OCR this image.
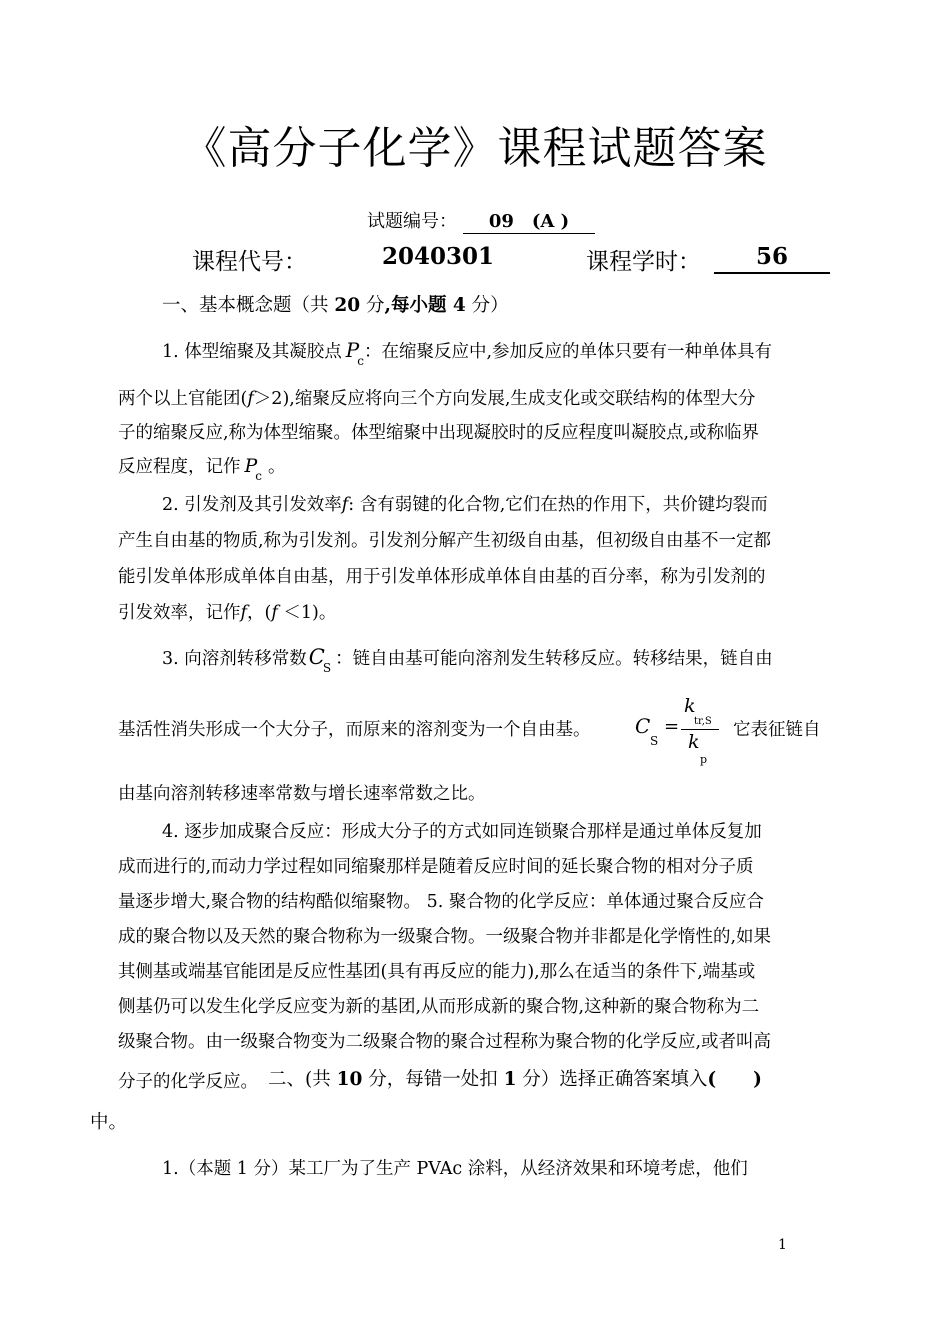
《高分子化学》课程试题答案
试题编号： 09　(A )
课程代号：	2040301	课程学时：	56
一、基本概念题（共 20 分,每小题 4 分）
1. 体型缩聚及其凝胶点 $P_c$：在缩聚反应中,参加反应的单体只要有一种单体具有
两个以上官能团(f＞2),缩聚反应将向三个方向发展,生成支化或交联结构的体型大分
子的缩聚反应,称为体型缩聚。体型缩聚中出现凝胶时的反应程度叫凝胶点,或称临界
反应程度，记作 $P_c$ 。
2. 引发剂及其引发效率f: 含有弱键的化合物,它们在热的作用下，共价键均裂而
产生自由基的物质,称为引发剂。引发剂分解产生初级自由基，但初级自由基不一定都
能引发单体形成单体自由基，用于引发单体形成单体自由基的百分率，称为引发剂的
引发效率，记作f，(f ＜1)。
3. 向溶剂转移常数$C_S$ ：链自由基可能向溶剂发生转移反应。转移结果，链自由
基活性消失形成一个大分子，而原来的溶剂变为一个自由基。 C
S
=
k
tr,S
k
p
它表征链自
由基向溶剂转移速率常数与增长速率常数之比。
4. 逐步加成聚合反应：形成大分子的方式如同连锁聚合那样是通过单体反复加
成而进行的,而动力学过程如同缩聚那样是随着反应时间的延长聚合物的相对分子质
量逐步增大,聚合物的结构酷似缩聚物。 5. 聚合物的化学反应：单体通过聚合反应合
成的聚合物以及天然的聚合物称为一级聚合物。一级聚合物并非都是化学惰性的,如果
其侧基或端基官能团是反应性基团(具有再反应的能力),那么在适当的条件下,端基或
侧基仍可以发生化学反应变为新的基团,从而形成新的聚合物,这种新的聚合物称为二
级聚合物。由一级聚合物变为二级聚合物的聚合过程称为聚合物的化学反应,或者叫高
分子的化学反应。 二、(共 10 分，每错一处扣 1 分）选择正确答案填入(　　)
中。
1.（本题 1 分）某工厂为了生产 PVAc 涂料，从经济效果和环境考虑，他们
1
